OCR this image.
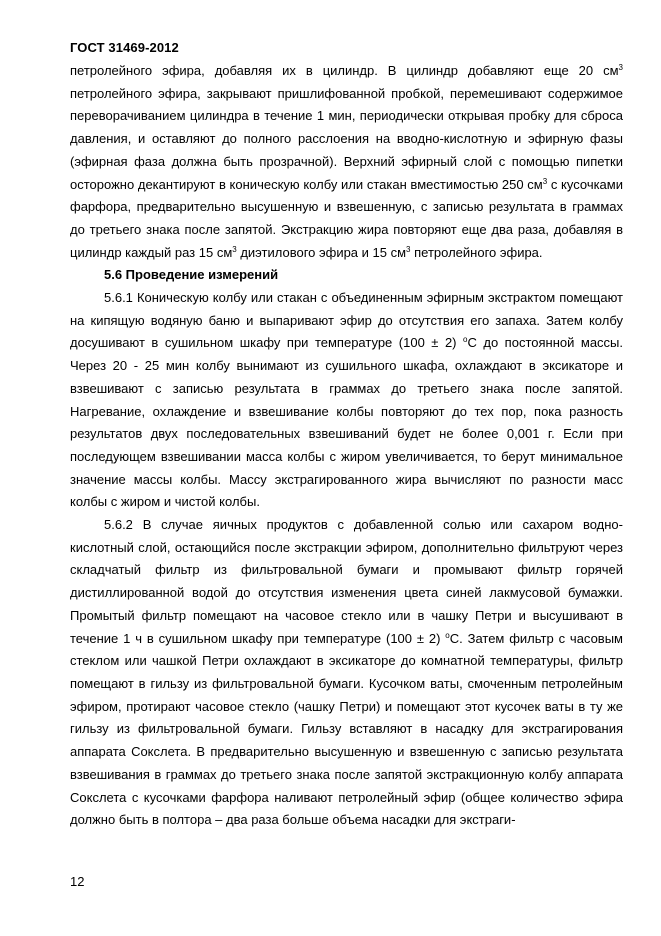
ГОСТ 31469-2012

петролейного эфира, добавляя их в цилиндр. В цилиндр добавляют еще 20 $см^3$ петролейного эфира, закрывают пришлифованной пробкой, перемешивают содержимое переворачиванием цилиндра в течение 1 мин, периодически открывая пробку для сброса давления, и оставляют до полного расслоения на вводно-кислотную и эфирную фазы (эфирная фаза должна быть прозрачной). Верхний эфирный слой с помощью пипетки осторожно декантируют в коническую колбу или стакан вместимостью 250 $см^3$ с кусочками фарфора, предварительно высушенную и взвешенную, с записью результата в граммах до третьего знака после запятой. Экстракцию жира повторяют еще два раза, добавляя в цилиндр каждый раз 15 $см^3$ диэтилового эфира и 15 $см^3$ петролейного эфира.

5.6 Проведение измерений

5.6.1 Коническую колбу или стакан с объединенным эфирным экстрактом помещают на кипящую водяную баню и выпаривают эфир до отсутствия его запаха. Затем колбу досушивают в сушильном шкафу при температуре (100 ± 2) $^o$C до постоянной массы. Через 20 - 25 мин колбу вынимают из сушильного шкафа, охлаждают в эксикаторе и взвешивают с записью результата в граммах до третьего знака после запятой. Нагревание, охлаждение и взвешивание колбы повторяют до тех пор, пока разность результатов двух последовательных взвешиваний будет не более 0,001 г. Если при последующем взвешивании масса колбы с жиром увеличивается, то берут минимальное значение массы колбы. Массу экстрагированного жира вычисляют по разности масс колбы с жиром и чистой колбы.

5.6.2 В случае яичных продуктов с добавленной солью или сахаром водно-кислотный слой, остающийся после экстракции эфиром, дополнительно фильтруют через складчатый фильтр из фильтровальной бумаги и промывают фильтр горячей дистиллированной водой до отсутствия изменения цвета синей лакмусовой бумажки. Промытый фильтр помещают на часовое стекло или в чашку Петри и высушивают в течение 1 ч в сушильном шкафу при температуре (100 ± 2) $^o$C. Затем фильтр с часовым стеклом или чашкой Петри охлаждают в эксикаторе до комнатной температуры, фильтр помещают в гильзу из фильтровальной бумаги. Кусочком ваты, смоченным петролейным эфиром, протирают часовое стекло (чашку Петри) и помещают этот кусочек ваты в ту же гильзу из фильтровальной бумаги. Гильзу вставляют в насадку для экстрагирования аппарата Сокслета. В предварительно высушенную и взвешенную с записью результата взвешивания в граммах до третьего знака после запятой экстракционную колбу аппарата Сокслета с кусочками фарфора наливают петролейный эфир (общее количество эфира должно быть в полтора – два раза больше объема насадки для экстраги-

12
